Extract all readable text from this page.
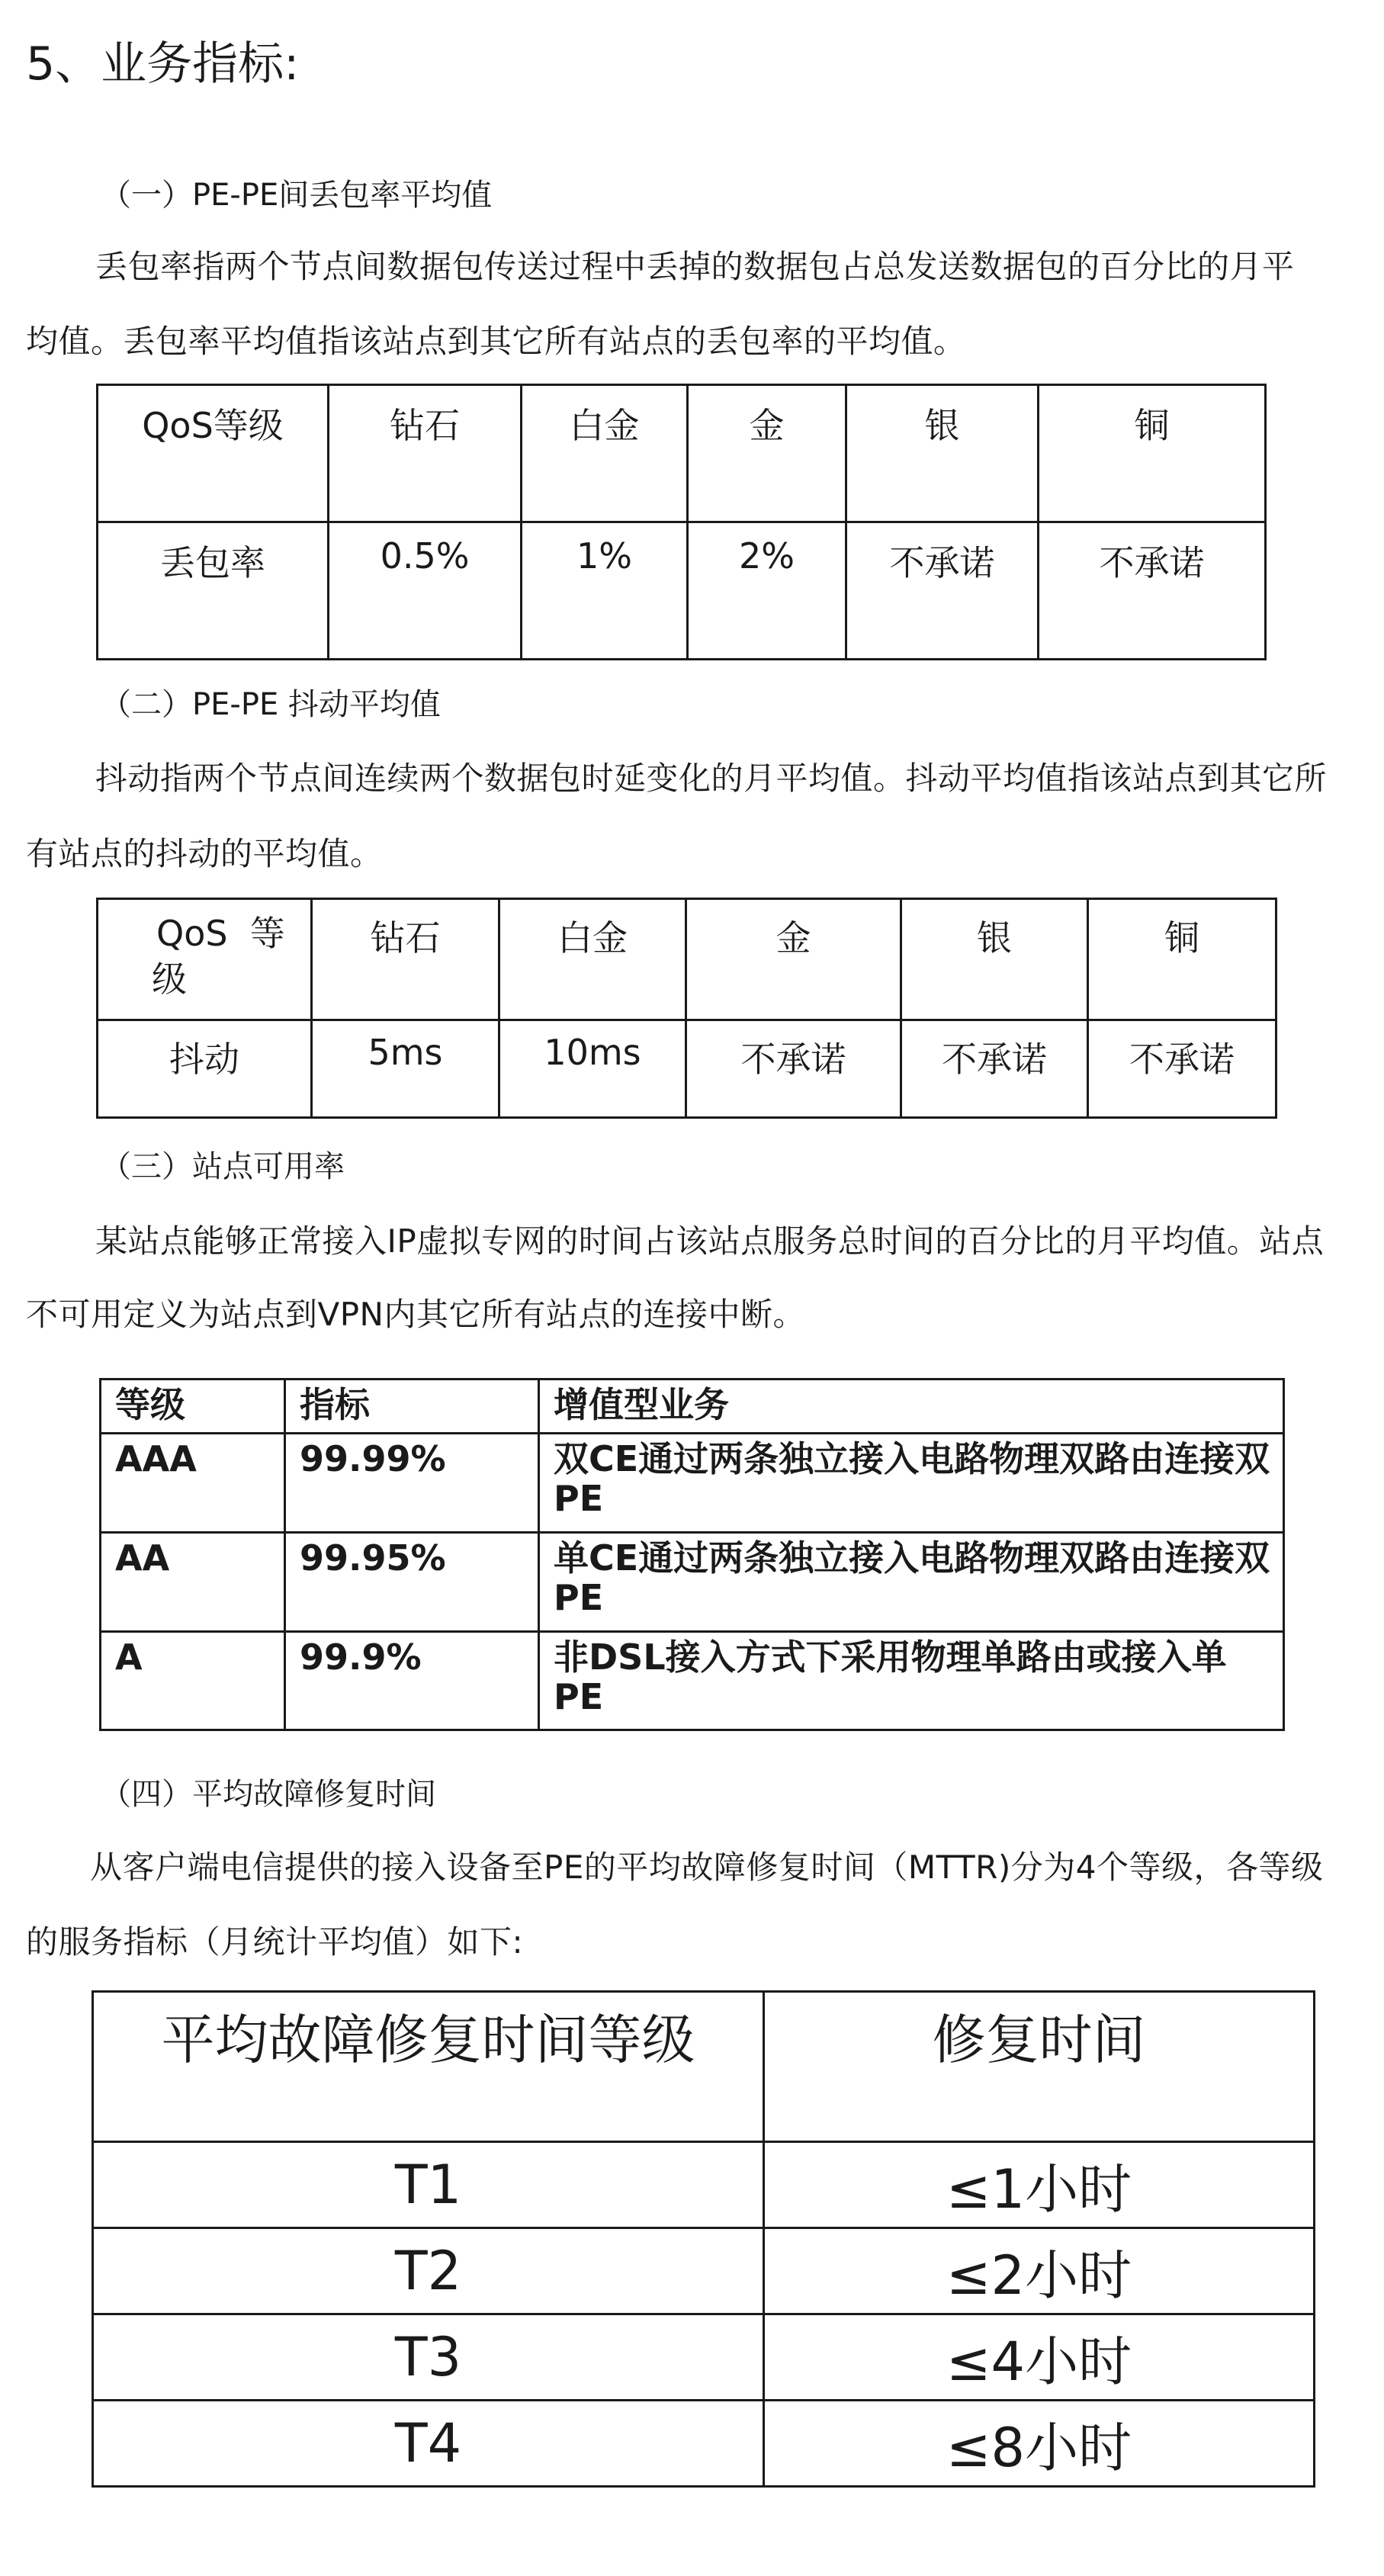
5、业务指标:
（一）PE-PE间丢包率平均值
丢包率指两个节点间数据包传送过程中丢掉的数据包占总发送数据包的百分比的月平
均值。丢包率平均值指该站点到其它所有站点的丢包率的平均值。
QoS等级	钻石	白金	金	银	铜

丢包率	0.5%	1%	2%	不承诺	不承诺
（二）PE-PE 抖动平均值
抖动指两个节点间连续两个数据包时延变化的月平均值。抖动平均值指该站点到其它所
有站点的抖动的平均值。
QoS  等
级	钻石	白金	金	银	铜

抖动	5ms	10ms	不承诺	不承诺	不承诺
（三）站点可用率
某站点能够正常接入IP虚拟专网的时间占该站点服务总时间的百分比的月平均值。站点
不可用定义为站点到VPN内其它所有站点的连接中断。
等级	指标	增值型业务

AAA	99.99%	双CE通过两条独立接入电路物理双路由连接双PE

AA	99.95%	单CE通过两条独立接入电路物理双路由连接双PE

A	99.9%	非DSL接入方式下采用物理单路由或接入单PE
（四）平均故障修复时间
从客户端电信提供的接入设备至PE的平均故障修复时间（MTTR)分为4个等级，各等级
的服务指标（月统计平均值）如下:
平均故障修复时间等级	修复时间

T1	≤1小时

T2	≤2小时

T3	≤4小时

T4	≤8小时
